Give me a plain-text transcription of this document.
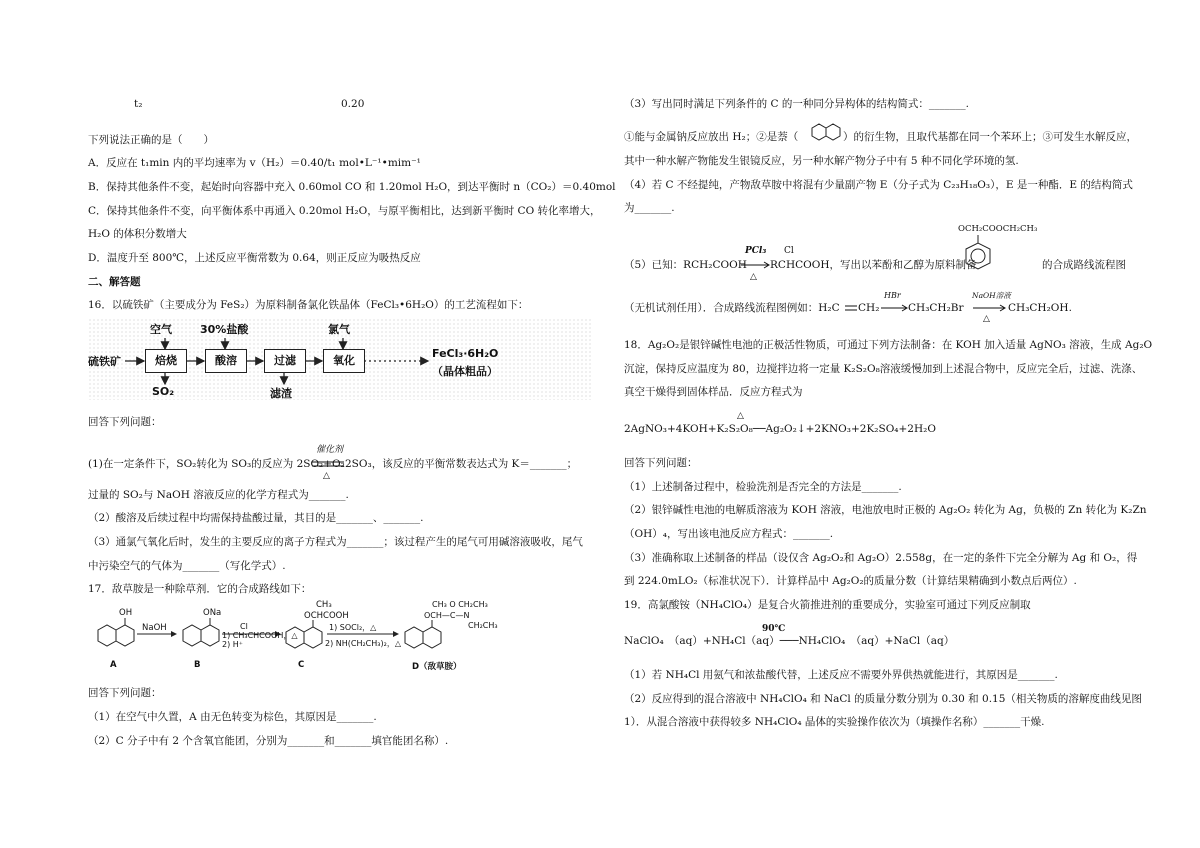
t₂	0.20
下列说法正确的是（　　）
A．反应在 t₁min 内的平均速率为 v（H₂）＝0.40/t₁ mol•L⁻¹•mim⁻¹
B．保持其他条件不变，起始时向容器中充入 0.60mol CO 和 1.20mol H₂O，到达平衡时 n（CO₂）＝0.40mol
C．保持其他条件不变，向平衡体系中再通入 0.20mol H₂O，与原平衡相比，达到新平衡时 CO 转化率增大，
H₂O 的体积分数增大
D．温度升至 800℃，上述反应平衡常数为 0.64，则正反应为吸热反应
二、解答题
16．以硫铁矿（主要成分为 FeS₂）为原料制备氯化铁晶体（FeCl₃•6H₂O）的工艺流程如下：
硫铁矿	焙烧	酸溶	过滤	氧化
空气	30%盐酸	氯气
SO₂	滤渣
FeCl₃·6H₂O
（晶体粗品）
回答下列问题：
(1)在一定条件下，SO₂转化为 SO₃的反应为 2SO₂+O₂
催化剂
△
2SO₃，该反应的平衡常数表达式为 K＝_______；
过量的 SO₂与 NaOH 溶液反应的化学方程式为_______.
（2）酸溶及后续过程中均需保持盐酸过量，其目的是_______、_______.
（3）通氯气氧化后时，发生的主要反应的离子方程式为_______；该过程产生的尾气可用碱溶液吸收，尾气
中污染空气的气体为_______（写化学式）.
17．敌草胺是一种除草剂．它的合成路线如下：
OH
NaOH
A
ONa
Cl
1) CH₃CHCOOH，△
2) H⁺
B
CH₃
OCHCOOH
1) SOCl₂，△
2) NH(CH₂CH₃)₂，△
C
CH₃ O CH₂CH₃
OCH—C—N
CH₂CH₃
D（敌草胺）
回答下列问题：
（1）在空气中久置，A 由无色转变为棕色，其原因是_______.
（2）C 分子中有 2 个含氧官能团，分别为_______和_______填官能团名称）.
（3）写出同时满足下列条件的 C 的一种同分异构体的结构简式：_______.
①能与金属钠反应放出 H₂；②是萘（	）的衍生物，且取代基都在同一个苯环上；③可发生水解反应，
其中一种水解产物能发生银镜反应，另一种水解产物分子中有 5 种不同化学环境的氢.
（4）若 C 不经提纯，产物敌草胺中将混有少量副产物 E（分子式为 C₂₃H₁₈O₃），E 是一种酯．E 的结构简式
为_______.
（5）已知：RCH₂COOH
PCl₃
△
Cl
RCHCOOH，写出以苯酚和乙醇为原料制备
OCH₂COOCH₂CH₃
的合成路线流程图
（无机试剂任用）．合成路线流程图例如：H₂C CH₂
HBr
CH₃CH₂Br
NaOH溶液
△
CH₃CH₂OH.
18．Ag₂O₂是银锌碱性电池的正极活性物质，可通过下列方法制备：在 KOH 加入适量 AgNO₃ 溶液，生成 Ag₂O
沉淀，保持反应温度为 80，边搅拌边将一定量 K₂S₂O₈溶液缓慢加到上述混合物中，反应完全后，过滤、洗涤、
真空干燥得到固体样品．反应方程式为
△
2AgNO₃+4KOH+K₂S₂O₈──Ag₂O₂↓+2KNO₃+2K₂SO₄+2H₂O
回答下列问题：
（1）上述制备过程中，检验洗剂是否完全的方法是_______.
（2）银锌碱性电池的电解质溶液为 KOH 溶液，电池放电时正极的 Ag₂O₂ 转化为 Ag，负极的 Zn 转化为 K₂Zn
（OH）₄，写出该电池反应方程式：_______.
（3）准确称取上述制备的样品（设仅含 Ag₂O₂和 Ag₂O）2.558g，在一定的条件下完全分解为 Ag 和 O₂，得
到 224.0mLO₂（标准状况下）．计算样品中 Ag₂O₂的质量分数（计算结果精确到小数点后两位）.
19．高氯酸铵（NH₄ClO₄）是复合火箭推进剂的重要成分，实验室可通过下列反应制取
90℃
NaClO₄　（aq）+NH₄Cl（aq）───NH₄ClO₄　（aq）+NaCl（aq）
（1）若 NH₄Cl 用氨气和浓盐酸代替，上述反应不需要外界供热就能进行，其原因是_______.
（2）反应得到的混合溶液中 NH₄ClO₄ 和 NaCl 的质量分数分别为 0.30 和 0.15（相关物质的溶解度曲线见图
1）．从混合溶液中获得较多 NH₄ClO₄ 晶体的实验操作依次为（填操作名称）_______干燥.
